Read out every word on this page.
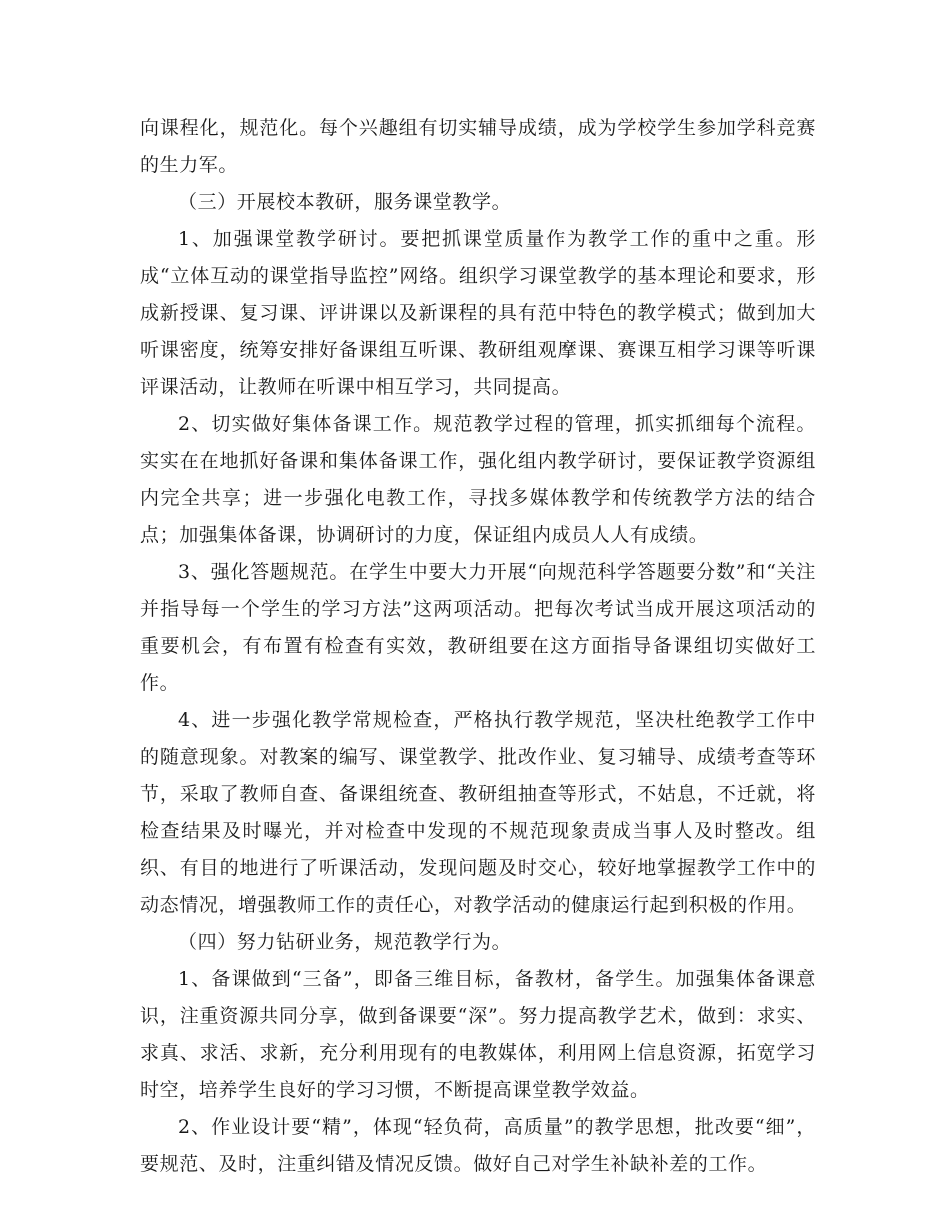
向课程化，规范化。每个兴趣组有切实辅导成绩，成为学校学生参加学科竞赛的生力军。

（三）开展校本教研，服务课堂教学。

1、加强课堂教学研讨。要把抓课堂质量作为教学工作的重中之重。形成“立体互动的课堂指导监控”网络。组织学习课堂教学的基本理论和要求，形成新授课、复习课、评讲课以及新课程的具有范中特色的教学模式；做到加大听课密度，统筹安排好备课组互听课、教研组观摩课、赛课互相学习课等听课评课活动，让教师在听课中相互学习，共同提高。

2、切实做好集体备课工作。规范教学过程的管理，抓实抓细每个流程。实实在在地抓好备课和集体备课工作，强化组内教学研讨，要保证教学资源组内完全共享；进一步强化电教工作，寻找多媒体教学和传统教学方法的结合点；加强集体备课，协调研讨的力度，保证组内成员人人有成绩。

3、强化答题规范。在学生中要大力开展“向规范科学答题要分数”和“关注并指导每一个学生的学习方法”这两项活动。把每次考试当成开展这项活动的重要机会，有布置有检查有实效，教研组要在这方面指导备课组切实做好工作。

4、进一步强化教学常规检查，严格执行教学规范，坚决杜绝教学工作中的随意现象。对教案的编写、课堂教学、批改作业、复习辅导、成绩考查等环节，采取了教师自查、备课组统查、教研组抽查等形式，不姑息，不迁就，将检查结果及时曝光，并对检查中发现的不规范现象责成当事人及时整改。组织、有目的地进行了听课活动，发现问题及时交心，较好地掌握教学工作中的动态情况，增强教师工作的责任心，对教学活动的健康运行起到积极的作用。

（四）努力钻研业务，规范教学行为。

1、备课做到“三备”，即备三维目标，备教材，备学生。加强集体备课意识，注重资源共同分享，做到备课要“深”。努力提高教学艺术，做到：求实、求真、求活、求新，充分利用现有的电教媒体，利用网上信息资源，拓宽学习时空，培养学生良好的学习习惯，不断提高课堂教学效益。

2、作业设计要“精”，体现“轻负荷，高质量”的教学思想，批改要“细”，要规范、及时，注重纠错及情况反馈。做好自己对学生补缺补差的工作。
